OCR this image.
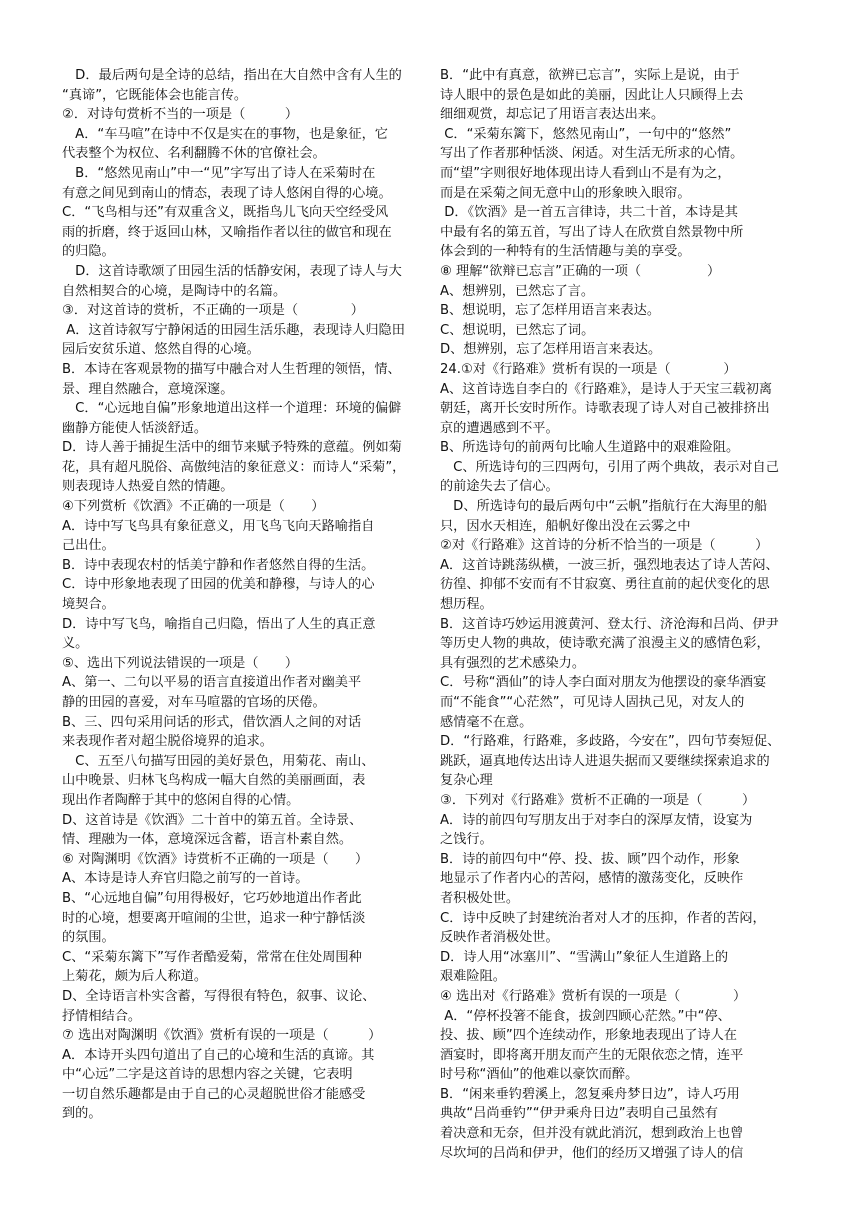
　D．最后两句是全诗的总结，指出在大自然中含有人生的
“真谛”，它既能体会也能言传。

②．对诗句赏析不当的一项是（　　　）

　A．“车马喧”在诗中不仅是实在的事物，也是象征，它
代表整个为权位、名利翻腾不休的官僚社会。

　B．“悠然见南山”中一“见”字写出了诗人在采菊时在
有意之间见到南山的情态，表现了诗人悠闲自得的心境。

C．“飞鸟相与还”有双重含义，既指鸟儿飞向天空经受风
雨的折磨，终于返回山林，又喻指作者以往的做官和现在
的归隐。

　D．这首诗歌颂了田园生活的恬静安闲，表现了诗人与大
自然相契合的心境，是陶诗中的名篇。

③．对这首诗的赏析，不正确的一项是（　　　　）

A．这首诗叙写宁静闲适的田园生活乐趣，表现诗人归隐田
园后安贫乐道、悠然自得的心境。

B．本诗在客观景物的描写中融合对人生哲理的领悟，情、
景、理自然融合，意境深邃。

　C．“心远地自偏”形象地道出这样一个道理：环境的偏僻
幽静方能使人恬淡舒适。

D．诗人善于捕捉生活中的细节来赋予特殊的意蕴。例如菊
花，具有超凡脱俗、高傲纯洁的象征意义：而诗人“采菊”，
则表现诗人热爱自然的情趣。

④下列赏析《饮酒》不正确的一项是（　　）

A．诗中写飞鸟具有象征意义，用飞鸟飞向天路喻指自
己出仕。

B．诗中表现农村的恬美宁静和作者悠然自得的生活。

C．诗中形象地表现了田园的优美和静穆，与诗人的心
境契合。

D．诗中写飞鸟，喻指自己归隐，悟出了人生的真正意
义。

⑤、选出下列说法错误的一项是（　　）

A、第一、二句以平易的语言直接道出作者对幽美平
静的田园的喜爱，对车马喧嚣的官场的厌倦。

B、三、四句采用问话的形式，借饮酒人之间的对话
来表现作者对超尘脱俗境界的追求。

　C、五至八句描写田园的美好景色，用菊花、南山、
山中晚景、归林飞鸟构成一幅大自然的美丽画面，表
现出作者陶醉于其中的悠闲自得的心情。

D、这首诗是《饮酒》二十首中的第五首。全诗景、
情、理融为一体，意境深远含蓄，语言朴素自然。

⑥ 对陶渊明《饮酒》诗赏析不正确的一项是（　　）

A、本诗是诗人弃官归隐之前写的一首诗。

B、“心远地自偏”句用得极好，它巧妙地道出作者此
时的心境，想要离开喧闹的尘世，追求一种宁静恬淡
的氛围。

C、“采菊东篱下”写作者酷爱菊，常常在住处周围种
上菊花，颇为后人称道。

D、全诗语言朴实含蓄，写得很有特色，叙事、议论、
抒情相结合。

⑦ 选出对陶渊明《饮酒》赏析有误的一项是（　　　）

A．本诗开头四句道出了自己的心境和生活的真谛。其
中“心远”二字是这首诗的思想内容之关键，它表明
一切自然乐趣都是由于自己的心灵超脱世俗才能感受
到的。

B．“此中有真意，欲辨已忘言”，实际上是说，由于
诗人眼中的景色是如此的美丽，因此让人只顾得上去
细细观赏，却忘记了用语言表达出来。

C．“采菊东篱下，悠然见南山”，一句中的“悠然”
写出了作者那种恬淡、闲适。对生活无所求的心情。
而“望”字则很好地体现出诗人看到山不是有为之，
而是在采菊之间无意中山的形象映入眼帘。

D．《饮酒》是一首五言律诗，共二十首，本诗是其
中最有名的第五首，写出了诗人在欣赏自然景物中所
体会到的一种特有的生活情趣与美的享受。

⑧ 理解“欲辩已忘言”正确的一项（　　　　　）

A、想辨别，已然忘了言。

B、想说明，忘了怎样用语言来表达。

C、想说明，已然忘了词。

D、想辨别，忘了怎样用语言来表达。

24.①对《行路难》赏析有误的一项是（　　　　）

A、这首诗选自李白的《行路难》，是诗人于天宝三载初离
朝廷，离开长安时所作。诗歌表现了诗人对自己被排挤出
京的遭遇感到不平。

B、所选诗句的前两句比喻人生道路中的艰难险阻。

　C、所选诗句的三四两句，引用了两个典故，表示对自己
的前途失去了信心。

　D、所选诗句的最后两句中“云帆”指航行在大海里的船
只，因水天相连，船帆好像出没在云雾之中

②对《行路难》这首诗的分析不恰当的一项是（　　　）

A．这首诗跳荡纵横，一波三折，强烈地表达了诗人苦闷、
彷徨、抑郁不安而有不甘寂寞、勇往直前的起伏变化的思
想历程。

B．这首诗巧妙运用渡黄河、登太行、济沧海和吕尚、伊尹
等历史人物的典故，使诗歌充满了浪漫主义的感情色彩，
具有强烈的艺术感染力。

C．号称“酒仙”的诗人李白面对朋友为他摆设的豪华酒宴
而“不能食”“心茫然”，可见诗人固执己见，对友人的
感情毫不在意。

D．“行路难，行路难，多歧路，今安在”，四句节奏短促、
跳跃，逼真地传达出诗人进退失据而又要继续探索追求的
复杂心理

③．下列对《行路难》赏析不正确的一项是（　　　）

A．诗的前四句写朋友出于对李白的深厚友情，设宴为
之饯行。

B．诗的前四句中“停、投、拔、顾”四个动作，形象
地显示了作者内心的苦闷，感情的激荡变化，反映作
者积极处世。

C．诗中反映了封建统治者对人才的压抑，作者的苦闷，
反映作者消极处世。

D．诗人用“冰塞川”、“雪满山”象征人生道路上的
艰难险阻。

④ 选出对《行路难》赏析有误的一项是（　　　　）

A．“停杯投箸不能食，拔剑四顾心茫然。”中“停、
投、拔、顾”四个连续动作，形象地表现出了诗人在
酒宴时，即将离开朋友而产生的无限依恋之情，连平
时号称“酒仙”的他难以豪饮而醉。

B．“闲来垂钓碧溪上，忽复乘舟梦日边”，诗人巧用
典故“吕尚垂钓”“伊尹乘舟日边”表明自己虽然有
着决意和无奈，但并没有就此消沉，想到政治上也曾
尽坎坷的吕尚和伊尹，他们的经历又增强了诗人的信
